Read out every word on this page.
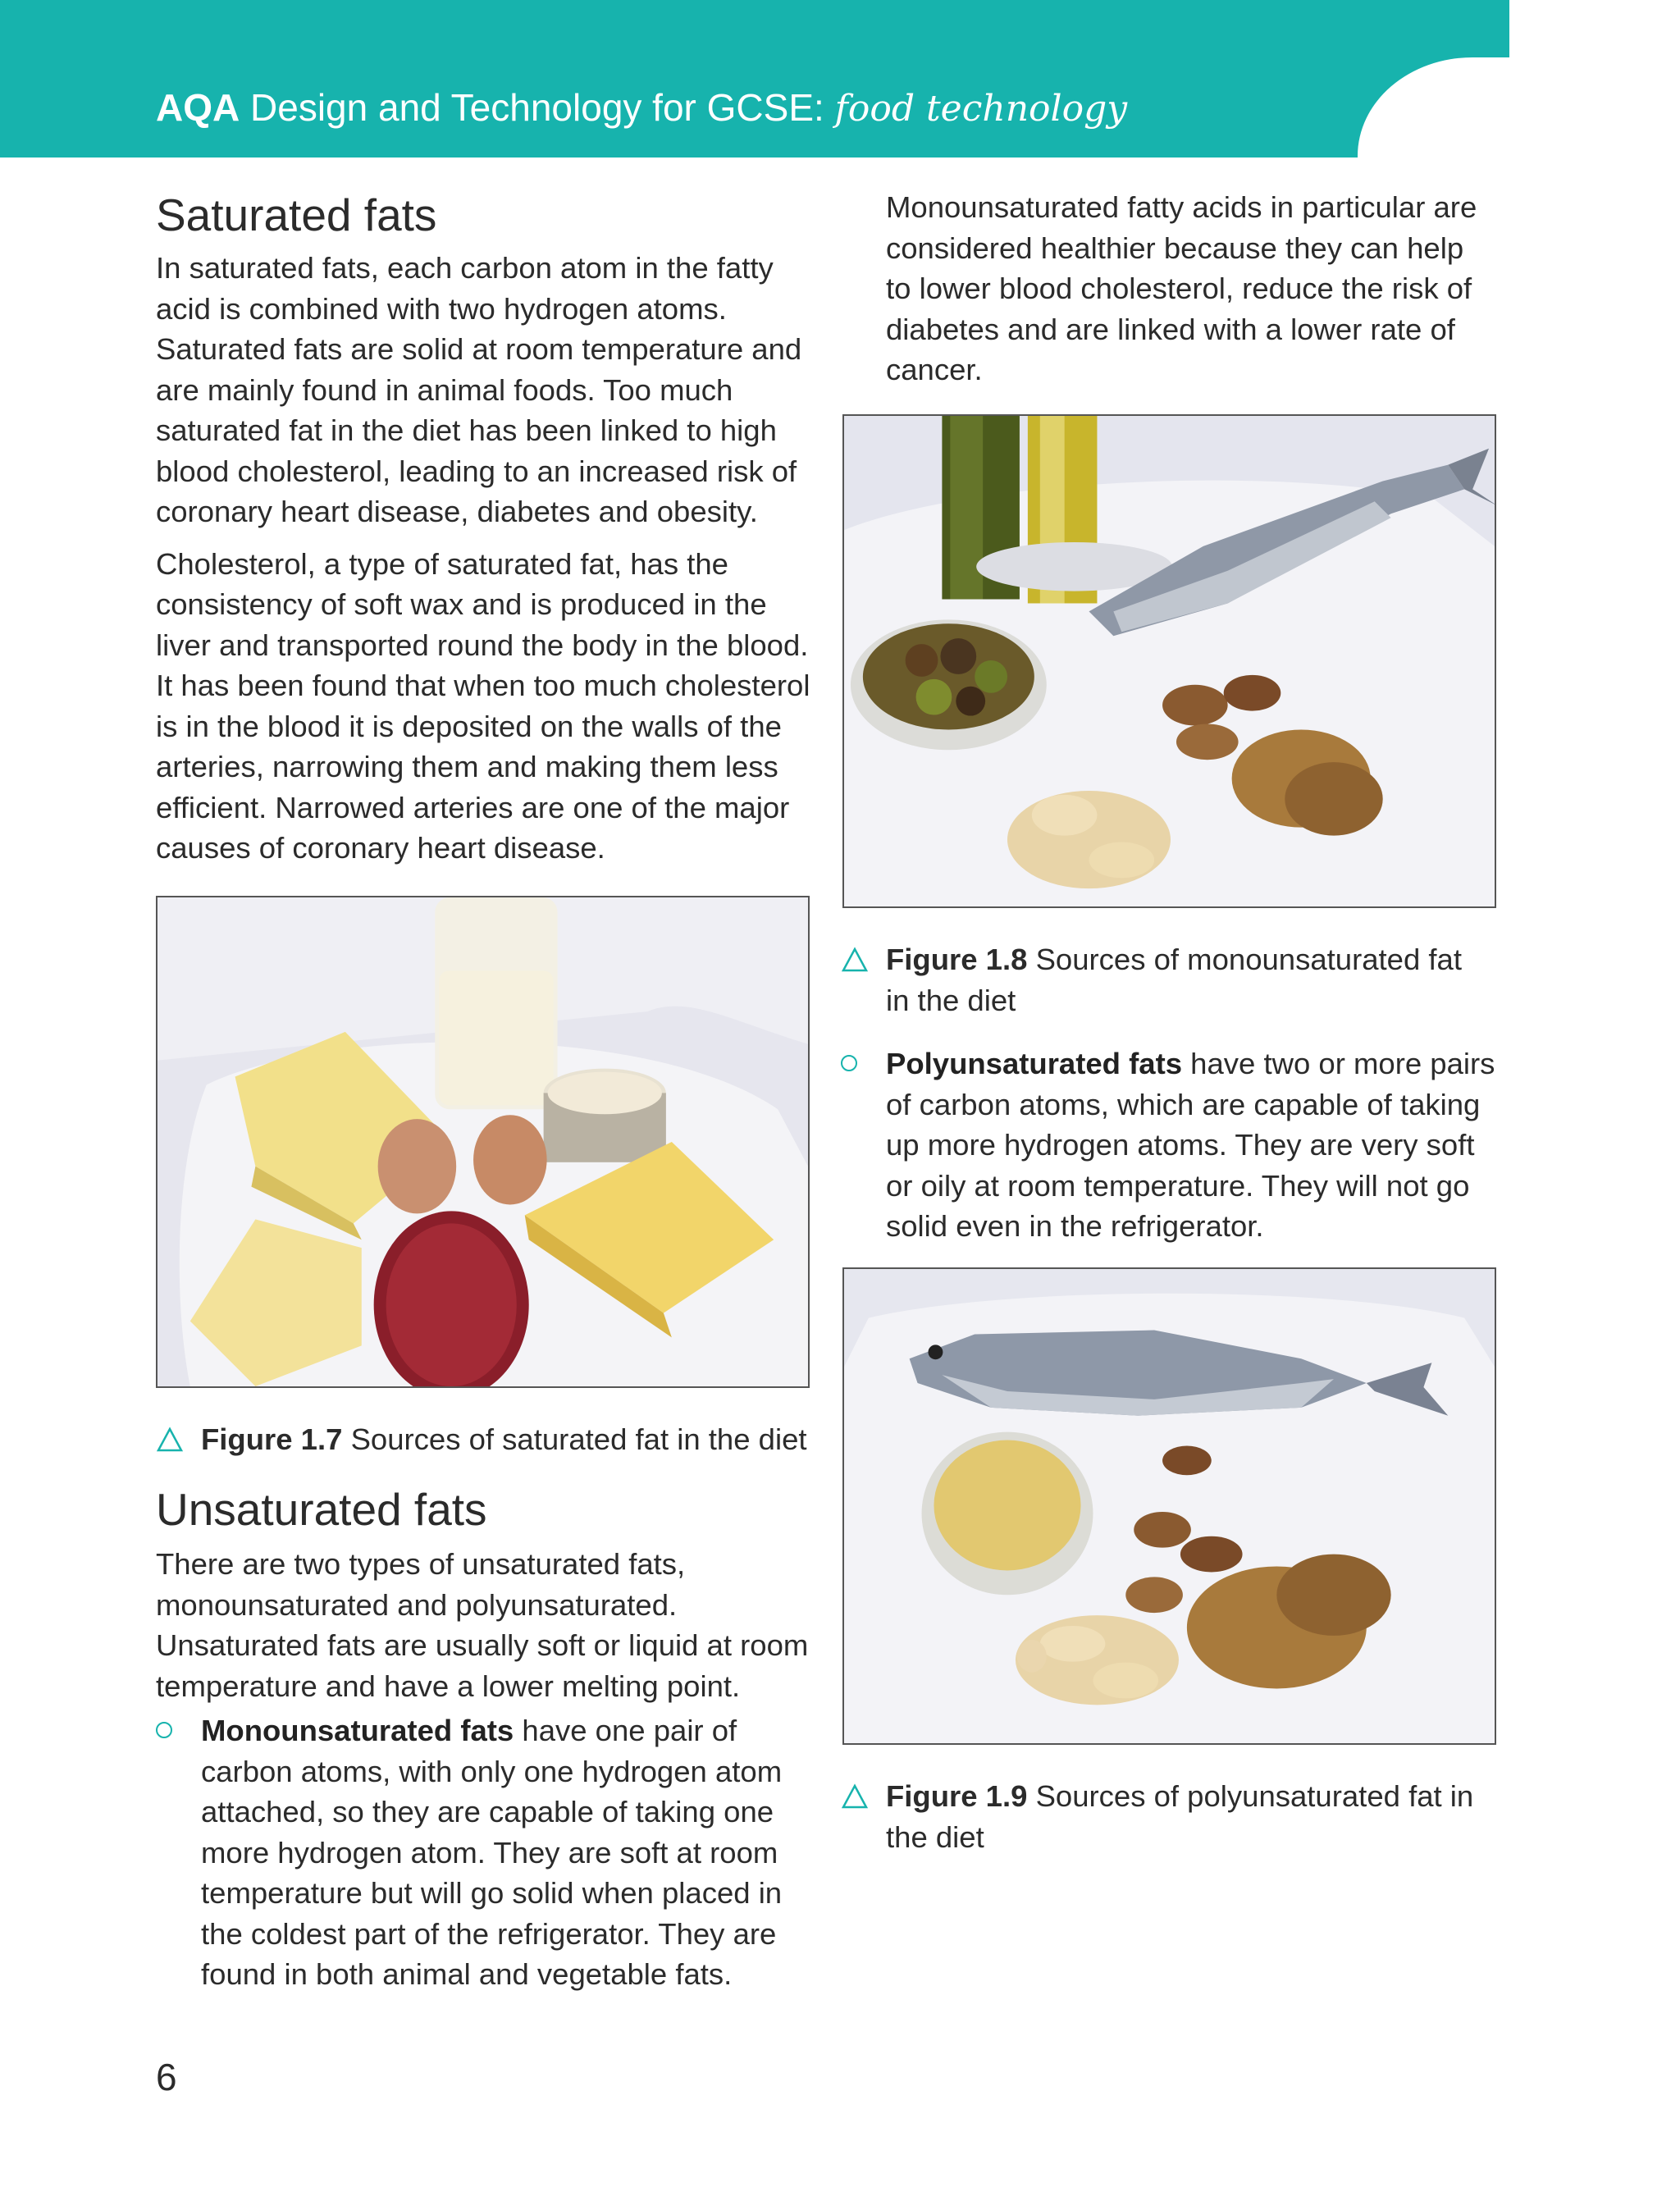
AQA Design and Technology for GCSE: food technology
Saturated fats

In saturated fats, each carbon atom in the fatty acid is combined with two hydrogen atoms. Saturated fats are solid at room temperature and are mainly found in animal foods. Too much saturated fat in the diet has been linked to high blood cholesterol, leading to an increased risk of coronary heart disease, diabetes and obesity.

Cholesterol, a type of saturated fat, has the consistency of soft wax and is produced in the liver and transported round the body in the blood. It has been found that when too much cholesterol is in the blood it is deposited on the walls of the arteries, narrowing them and making them less efficient. Narrowed arteries are one of the major causes of coronary heart disease.

Figure 1.7 Sources of saturated fat in the diet
Unsaturated fats

There are two types of unsaturated fats, monounsaturated and polyunsaturated. Unsaturated fats are usually soft or liquid at room temperature and have a lower melting point.

Monounsaturated fats have one pair of carbon atoms, with only one hydrogen atom attached, so they are capable of taking one more hydrogen atom. They are soft at room temperature but will go solid when placed in the coldest part of the refrigerator. They are found in both animal and vegetable fats.

Monounsaturated fatty acids in particular are considered healthier because they can help to lower blood cholesterol, reduce the risk of diabetes and are linked with a lower rate of cancer.

Figure 1.8 Sources of monounsaturated fat in the diet
Polyunsaturated fats have two or more pairs of carbon atoms, which are capable of taking up more hydrogen atoms. They are very soft or oily at room temperature. They will not go solid even in the refrigerator.
Figure 1.9 Sources of polyunsaturated fat in the diet
6
